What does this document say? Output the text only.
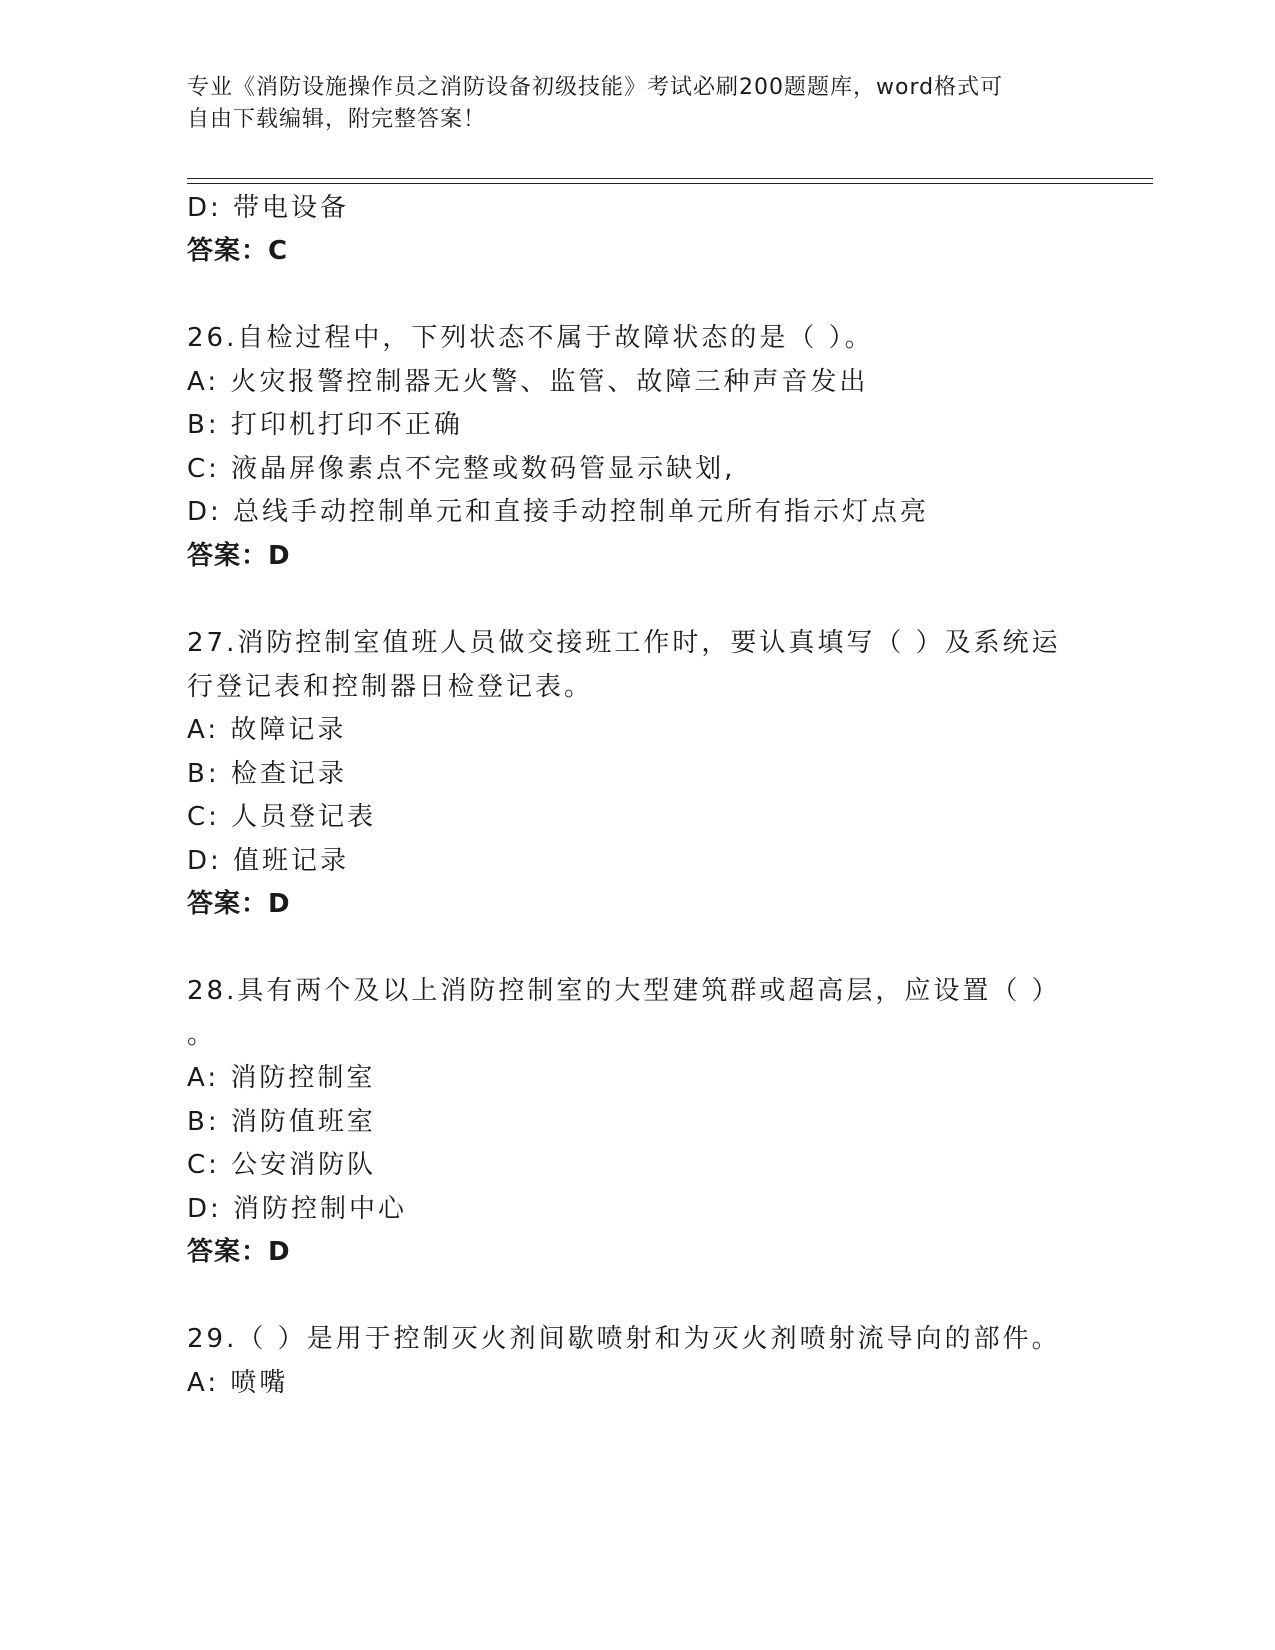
专业《消防设施操作员之消防设备初级技能》考试必刷200题题库，word格式可
自由下载编辑，附完整答案！
D: 带电设备
答案：C
26.自检过程中，下列状态不属于故障状态的是（ ）。
A: 火灾报警控制器无火警、监管、故障三种声音发出
B: 打印机打印不正确
C: 液晶屏像素点不完整或数码管显示缺划,
D: 总线手动控制单元和直接手动控制单元所有指示灯点亮
答案：D
27.消防控制室值班人员做交接班工作时，要认真填写（ ）及系统运
行登记表和控制器日检登记表。
A: 故障记录
B: 检查记录
C: 人员登记表
D: 值班记录
答案：D
28.具有两个及以上消防控制室的大型建筑群或超高层，应设置（ ）
。
A: 消防控制室
B: 消防值班室
C: 公安消防队
D: 消防控制中心
答案：D
29.（ ）是用于控制灭火剂间歇喷射和为灭火剂喷射流导向的部件。
A: 喷嘴
